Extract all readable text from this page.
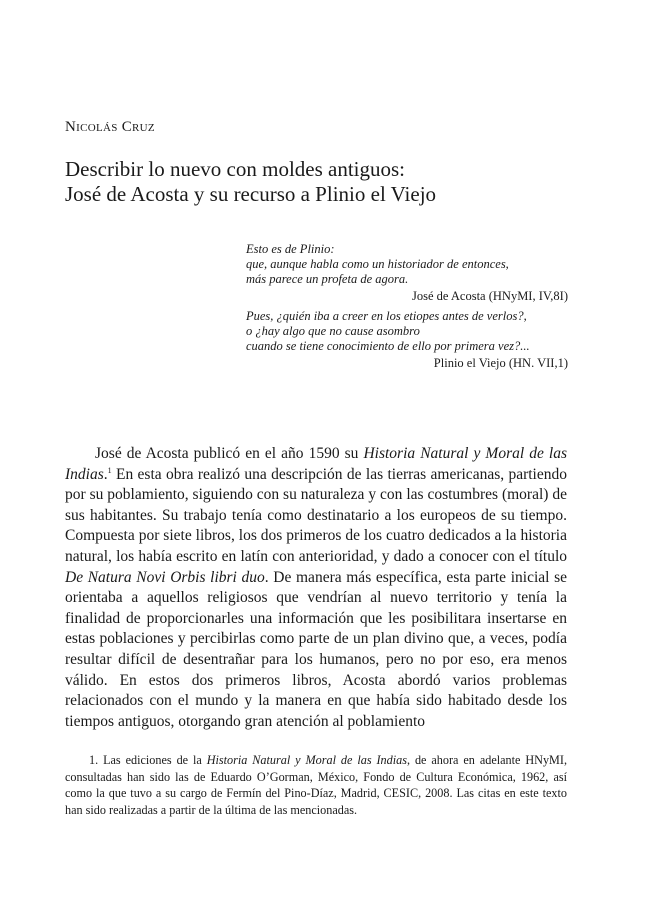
Nicolás Cruz
Describir lo nuevo con moldes antiguos:
José de Acosta y su recurso a Plinio el Viejo
Esto es de Plinio:
que, aunque habla como un historiador de entonces,
más parece un profeta de agora.
José de Acosta (HNyMI, IV,8I)
Pues, ¿quién iba a creer en los etiopes antes de verlos?,
o ¿hay algo que no cause asombro
cuando se tiene conocimiento de ello por primera vez?...
Plinio el Viejo (HN. VII,1)

José de Acosta publicó en el año 1590 su Historia Natural y Moral de las Indias.$^1$ En esta obra realizó una descripción de las tierras americanas, partiendo por su poblamiento, siguiendo con su naturaleza y con las costumbres (moral) de sus habitantes. Su trabajo tenía como destinatario a los europeos de su tiempo. Compuesta por siete libros, los dos primeros de los cuatro dedicados a la historia natural, los había escrito en latín con anterioridad, y dado a conocer con el título De Natura Novi Orbis libri duo. De manera más específica, esta parte inicial se orientaba a aquellos religiosos que vendrían al nuevo territorio y tenía la finalidad de proporcionarles una información que les posibilitara insertarse en estas poblaciones y percibirlas como parte de un plan divino que, a veces, podía resultar difícil de desentrañar para los humanos, pero no por eso, era menos válido. En estos dos primeros libros, Acosta abordó varios problemas relacionados con el mundo y la manera en que había sido habitado desde los tiempos antiguos, otorgando gran atención al poblamiento

1. Las ediciones de la Historia Natural y Moral de las Indias, de ahora en adelante HNyMI, consultadas han sido las de Eduardo O’Gorman, México, Fondo de Cultura Económica, 1962, así como la que tuvo a su cargo de Fermín del Pino-Díaz, Madrid, CESIC, 2008. Las citas en este texto han sido realizadas a partir de la última de las mencionadas.
